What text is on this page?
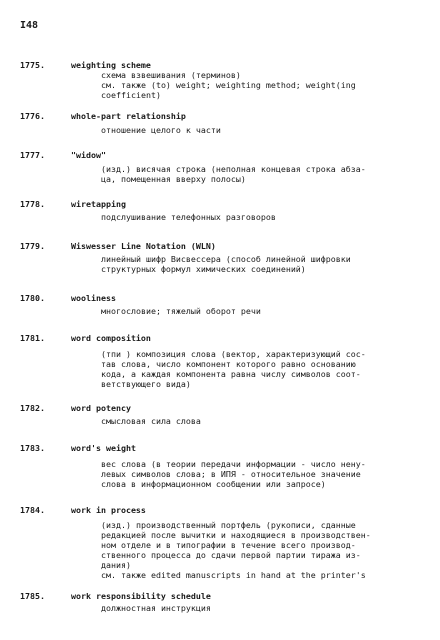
I48
1775.	weighting scheme
схема взвешивания (терминов)
см. также (to) weight; weighting method; weight(ing
coefficient)
1776.	whole-part relationship
отношение целого к части
1777.	"widow"
(изд.) висячая строка (неполная концевая строка абза-
ца, помещенная вверху полосы)
1778.	wiretapping
подслушивание телефонных разговоров
1779.	Wiswesser Line Notation (WLN)
линейный шифр Висвессера (способ линейной шифровки
структурных формул химических соединений)
1780.	wooliness
многословие; тяжелый оборот речи
1781.	word composition
(тпи ) композиция слова (вектор, характеризующий сос-
тав слова, число компонент которого равно основанию
кода, а каждая компонента равна числу символов соот-
ветствующего вида)
1782.	word potency
смысловая сила слова
1783.	word's weight
вес слова (в теории передачи информации - число нену-
левых символов слова; в ИПЯ - относительное значение
слова в информационном сообщении или запросе)
1784.	work in process
(изд.) производственный портфель (рукописи, сданные
редакцией после вычитки и находящиеся в производствен-
ном отделе и в типографии в течение всего производ-
ственного процесса до сдачи первой партии тиража из-
дания)
см. также edited manuscripts in hand at the printer's
1785.	work responsibility schedule
должностная инструкция
